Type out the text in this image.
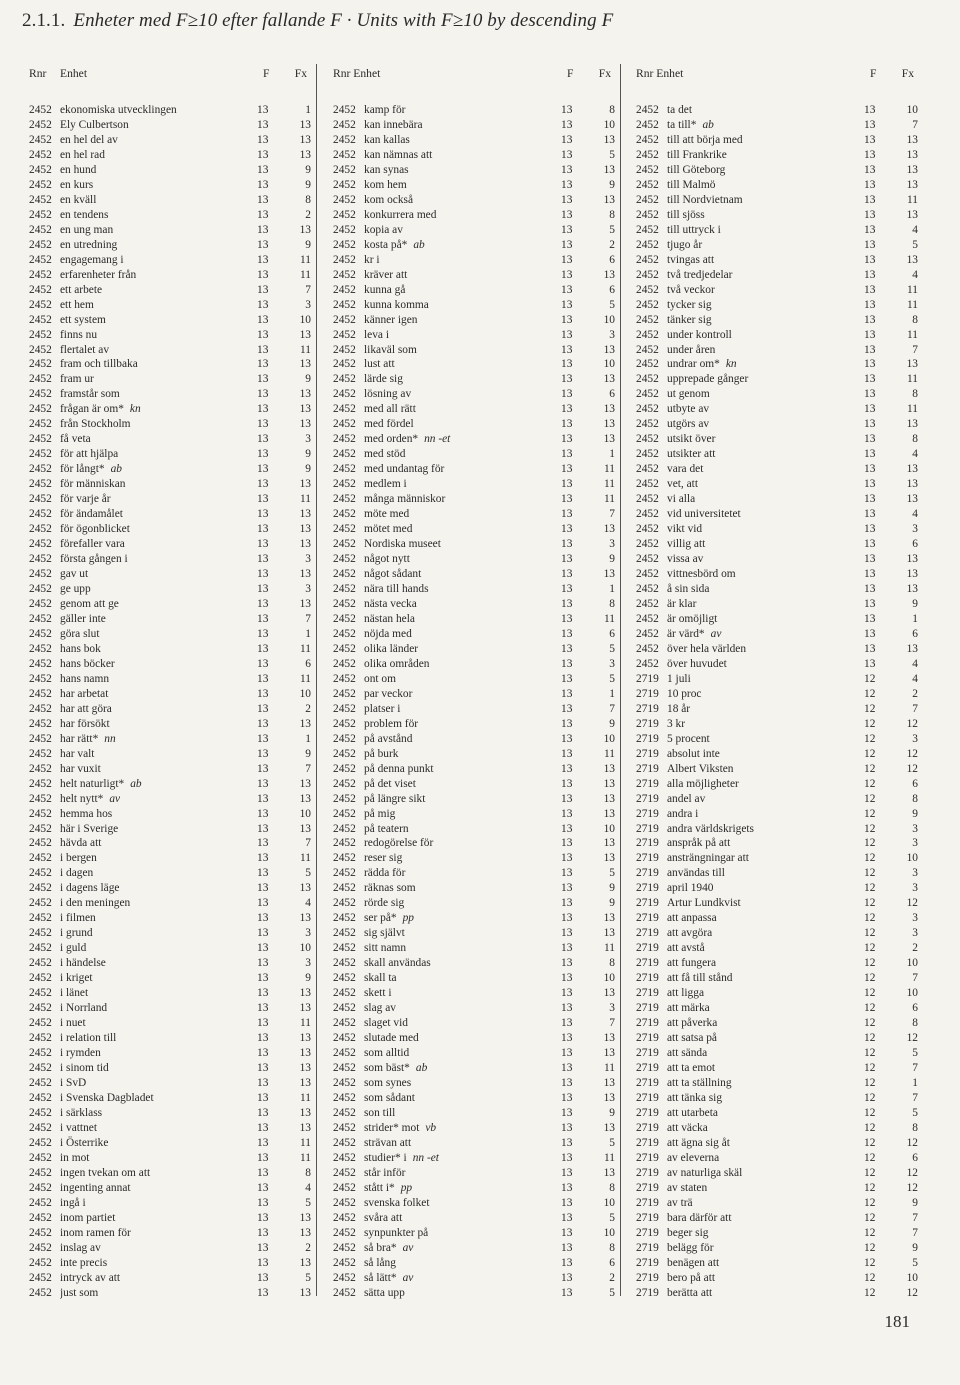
2.1.1. Enheter med F≥10 efter fallande F · Units with F≥10 by descending F
Rnr	Enhet	F	Fx
2452 ekonomiska utvecklingen	13	1
2452 Ely Culbertson	13	13
2452 en hel del av	13	13
2452 en hel rad	13	13
2452 en hund	13	9
2452 en kurs	13	9
2452 en kväll	13	8
2452 en tendens	13	2
2452 en ung man	13	13
2452 en utredning	13	9
2452 engagemang i	13	11
2452 erfarenheter från	13	11
2452 ett arbete	13	7
2452 ett hem	13	3
2452 ett system	13	10
2452 finns nu	13	13
2452 flertalet av	13	11
2452 fram och tillbaka	13	13
2452 fram ur	13	9
2452 framstår som	13	13
2452 frågan är om* kn	13	13
2452 från Stockholm	13	13
2452 få veta	13	3
2452 för att hjälpa	13	9
2452 för långt* ab	13	9
2452 för människan	13	13
2452 för varje år	13	11
2452 för ändamålet	13	13
2452 för ögonblicket	13	13
2452 förefaller vara	13	13
2452 första gången i	13	3
2452 gav ut	13	13
2452 ge upp	13	3
2452 genom att ge	13	13
2452 gäller inte	13	7
2452 göra slut	13	1
2452 hans bok	13	11
2452 hans böcker	13	6
2452 hans namn	13	11
2452 har arbetat	13	10
2452 har att göra	13	2
2452 har försökt	13	13
2452 har rätt* nn	13	1
2452 har valt	13	9
2452 har vuxit	13	7
2452 helt naturligt* ab	13	13
2452 helt nytt* av	13	13
2452 hemma hos	13	10
2452 här i Sverige	13	13
2452 hävda att	13	7
2452 i bergen	13	11
2452 i dagen	13	5
2452 i dagens läge	13	13
2452 i den meningen	13	4
2452 i filmen	13	13
2452 i grund	13	3
2452 i guld	13	10
2452 i händelse	13	3
2452 i kriget	13	9
2452 i länet	13	13
2452 i Norrland	13	13
2452 i nuet	13	11
2452 i relation till	13	13
2452 i rymden	13	13
2452 i sinom tid	13	13
2452 i SvD	13	13
2452 i Svenska Dagbladet	13	11
2452 i särklass	13	13
2452 i vattnet	13	13
2452 i Österrike	13	11
2452 in mot	13	11
2452 ingen tvekan om att	13	8
2452 ingenting annat	13	4
2452 ingå i	13	5
2452 inom partiet	13	13
2452 inom ramen för	13	13
2452 inslag av	13	2
2452 inte precis	13	13
2452 intryck av att	13	5
2452 just som	13	13
Rnr Enhet	F	Fx
2452 kamp för	13	8
2452 kan innebära	13	10
2452 kan kallas	13	13
2452 kan nämnas att	13	5
2452 kan synas	13	13
2452 kom hem	13	9
2452 kom också	13	13
2452 konkurrera med	13	8
2452 kopia av	13	5
2452 kosta på* ab	13	2
2452 kr i	13	6
2452 kräver att	13	13
2452 kunna gå	13	6
2452 kunna komma	13	5
2452 känner igen	13	10
2452 leva i	13	3
2452 likaväl som	13	13
2452 lust att	13	10
2452 lärde sig	13	13
2452 lösning av	13	6
2452 med all rätt	13	13
2452 med fördel	13	13
2452 med orden* nn -et	13	13
2452 med stöd	13	1
2452 med undantag för	13	11
2452 medlem i	13	11
2452 många människor	13	11
2452 möte med	13	7
2452 mötet med	13	13
2452 Nordiska museet	13	3
2452 något nytt	13	9
2452 något sådant	13	13
2452 nära till hands	13	1
2452 nästa vecka	13	8
2452 nästan hela	13	11
2452 nöjda med	13	6
2452 olika länder	13	5
2452 olika områden	13	3
2452 ont om	13	5
2452 par veckor	13	1
2452 platser i	13	7
2452 problem för	13	9
2452 på avstånd	13	10
2452 på burk	13	11
2452 på denna punkt	13	13
2452 på det viset	13	13
2452 på längre sikt	13	13
2452 på mig	13	13
2452 på teatern	13	10
2452 redogörelse för	13	13
2452 reser sig	13	13
2452 rädda för	13	5
2452 räknas som	13	9
2452 rörde sig	13	9
2452 ser på* pp	13	13
2452 sig självt	13	13
2452 sitt namn	13	11
2452 skall användas	13	8
2452 skall ta	13	10
2452 skett i	13	13
2452 slag av	13	3
2452 slaget vid	13	7
2452 slutade med	13	13
2452 som alltid	13	13
2452 som bäst* ab	13	11
2452 som synes	13	13
2452 som sådant	13	13
2452 son till	13	9
2452 strider* mot vb	13	13
2452 strävan att	13	5
2452 studier* i nn -et	13	11
2452 står inför	13	13
2452 stått i* pp	13	8
2452 svenska folket	13	10
2452 svåra att	13	5
2452 synpunkter på	13	10
2452 så bra* av	13	8
2452 så lång	13	6
2452 så lätt* av	13	2
2452 sätta upp	13	5
Rnr Enhet	F	Fx
2452 ta det	13	10
2452 ta till* ab	13	7
2452 till att börja med	13	13
2452 till Frankrike	13	13
2452 till Göteborg	13	13
2452 till Malmö	13	13
2452 till Nordvietnam	13	11
2452 till sjöss	13	13
2452 till uttryck i	13	4
2452 tjugo år	13	5
2452 tvingas att	13	13
2452 två tredjedelar	13	4
2452 två veckor	13	11
2452 tycker sig	13	11
2452 tänker sig	13	8
2452 under kontroll	13	11
2452 under åren	13	7
2452 undrar om* kn	13	13
2452 upprepade gånger	13	11
2452 ut genom	13	8
2452 utbyte av	13	11
2452 utgörs av	13	13
2452 utsikt över	13	8
2452 utsikter att	13	4
2452 vara det	13	13
2452 vet, att	13	13
2452 vi alla	13	13
2452 vid universitetet	13	4
2452 vikt vid	13	3
2452 villig att	13	6
2452 vissa av	13	13
2452 vittnesbörd om	13	13
2452 å sin sida	13	13
2452 är klar	13	9
2452 är omöjligt	13	1
2452 är värd* av	13	6
2452 över hela världen	13	13
2452 över huvudet	13	4
2719 1 juli	12	4
2719 10 proc	12	2
2719 18 år	12	7
2719 3 kr	12	12
2719 5 procent	12	3
2719 absolut inte	12	12
2719 Albert Viksten	12	12
2719 alla möjligheter	12	6
2719 andel av	12	8
2719 andra i	12	9
2719 andra världskrigets	12	3
2719 anspråk på att	12	3
2719 ansträngningar att	12	10
2719 användas till	12	3
2719 april 1940	12	3
2719 Artur Lundkvist	12	12
2719 att anpassa	12	3
2719 att avgöra	12	3
2719 att avstå	12	2
2719 att fungera	12	10
2719 att få till stånd	12	7
2719 att ligga	12	10
2719 att märka	12	6
2719 att påverka	12	8
2719 att satsa på	12	12
2719 att sända	12	5
2719 att ta emot	12	7
2719 att ta ställning	12	1
2719 att tänka sig	12	7
2719 att utarbeta	12	5
2719 att väcka	12	8
2719 att ägna sig åt	12	12
2719 av eleverna	12	6
2719 av naturliga skäl	12	12
2719 av staten	12	12
2719 av trä	12	9
2719 bara därför att	12	7
2719 beger sig	12	7
2719 belägg för	12	9
2719 benägen att	12	5
2719 bero på att	12	10
2719 berätta att	12	12
181
